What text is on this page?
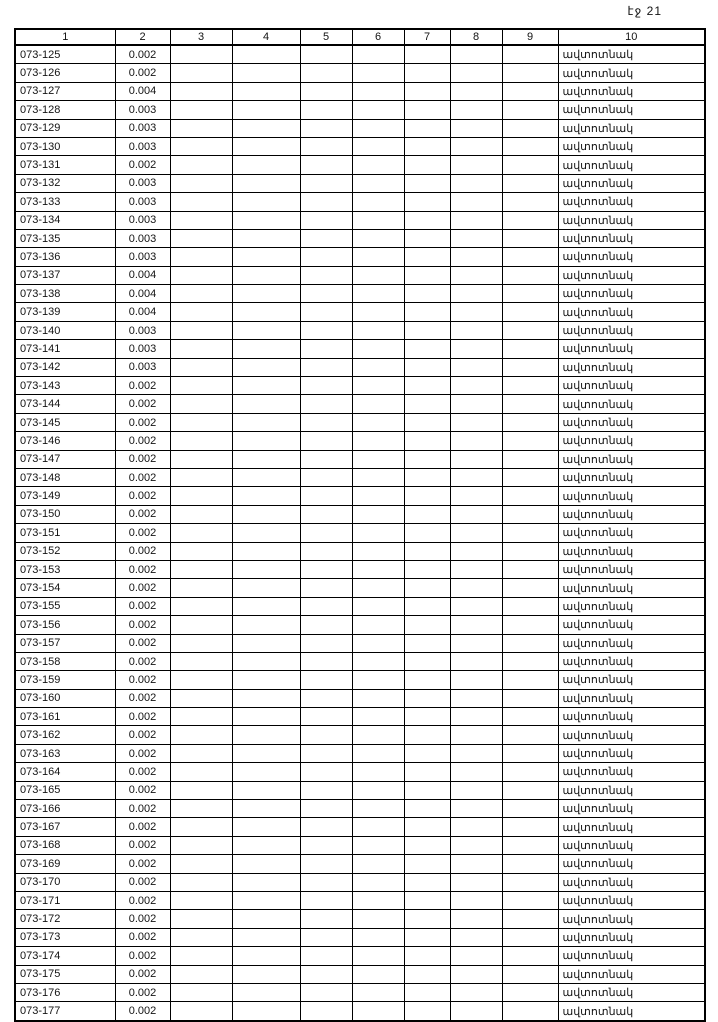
էջ 21
1	2	3	4	5	6	7	8	9	10
073-125	0.002								ավտոտնակ
073-126	0.002								ավտոտնակ
073-127	0.004								ավտոտնակ
073-128	0.003								ավտոտնակ
073-129	0.003								ավտոտնակ
073-130	0.003								ավտոտնակ
073-131	0.002								ավտոտնակ
073-132	0.003								ավտոտնակ
073-133	0.003								ավտոտնակ
073-134	0.003								ավտոտնակ
073-135	0.003								ավտոտնակ
073-136	0.003								ավտոտնակ
073-137	0.004								ավտոտնակ
073-138	0.004								ավտոտնակ
073-139	0.004								ավտոտնակ
073-140	0.003								ավտոտնակ
073-141	0.003								ավտոտնակ
073-142	0.003								ավտոտնակ
073-143	0.002								ավտոտնակ
073-144	0.002								ավտոտնակ
073-145	0.002								ավտոտնակ
073-146	0.002								ավտոտնակ
073-147	0.002								ավտոտնակ
073-148	0.002								ավտոտնակ
073-149	0.002								ավտոտնակ
073-150	0.002								ավտոտնակ
073-151	0.002								ավտոտնակ
073-152	0.002								ավտոտնակ
073-153	0.002								ավտոտնակ
073-154	0.002								ավտոտնակ
073-155	0.002								ավտոտնակ
073-156	0.002								ավտոտնակ
073-157	0.002								ավտոտնակ
073-158	0.002								ավտոտնակ
073-159	0.002								ավտոտնակ
073-160	0.002								ավտոտնակ
073-161	0.002								ավտոտնակ
073-162	0.002								ավտոտնակ
073-163	0.002								ավտոտնակ
073-164	0.002								ավտոտնակ
073-165	0.002								ավտոտնակ
073-166	0.002								ավտոտնակ
073-167	0.002								ավտոտնակ
073-168	0.002								ավտոտնակ
073-169	0.002								ավտոտնակ
073-170	0.002								ավտոտնակ
073-171	0.002								ավտոտնակ
073-172	0.002								ավտոտնակ
073-173	0.002								ավտոտնակ
073-174	0.002								ավտոտնակ
073-175	0.002								ավտոտնակ
073-176	0.002								ավտոտնակ
073-177	0.002								ավտոտնակ
